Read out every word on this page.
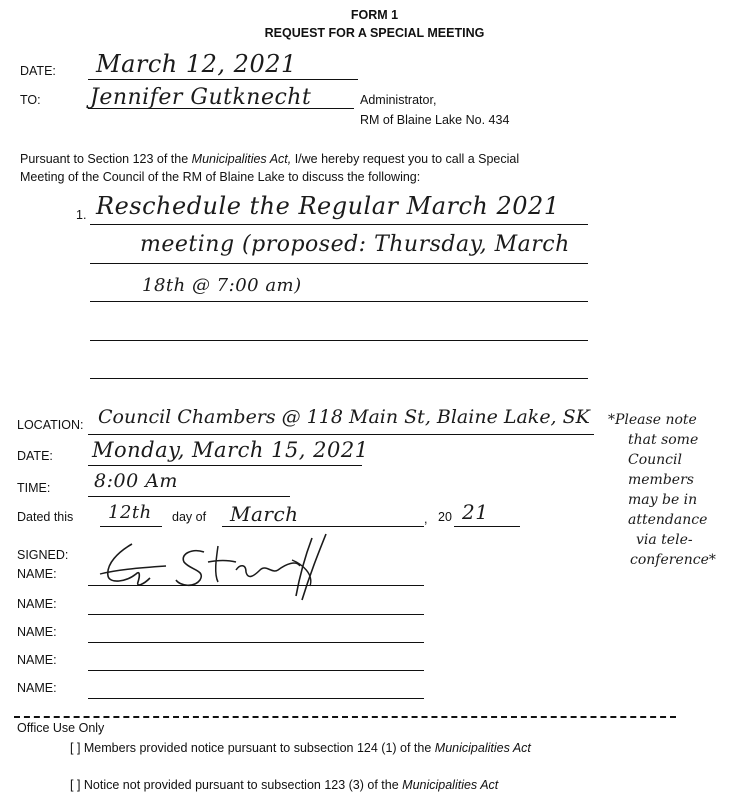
FORM 1
REQUEST FOR A SPECIAL MEETING
DATE: March 12, 2021
TO: Jennifer Gutknecht	Administrator,
RM of Blaine Lake No. 434
Pursuant to Section 123 of the Municipalities Act, I/we hereby request you to call a Special
Meeting of the Council of the RM of Blaine Lake to discuss the following:
1. Reschedule the Regular March 2021
meeting (proposed: Thursday, March
18th @ 7:00 am)
LOCATION: Council Chambers @ 118 Main St, Blaine Lake, SK
DATE: Monday, March 15, 2021
TIME: 8:00 Am
*Please note
that some
Council
members
may be in
attendance
via tele-
conference*
Dated this 12th day of March	, 20 21
SIGNED:
NAME:
NAME:
NAME:
NAME:
NAME:
Office Use Only
[ ] Members provided notice pursuant to subsection 124 (1) of the Municipalities Act
[ ] Notice not provided pursuant to subsection 123 (3) of the Municipalities Act
